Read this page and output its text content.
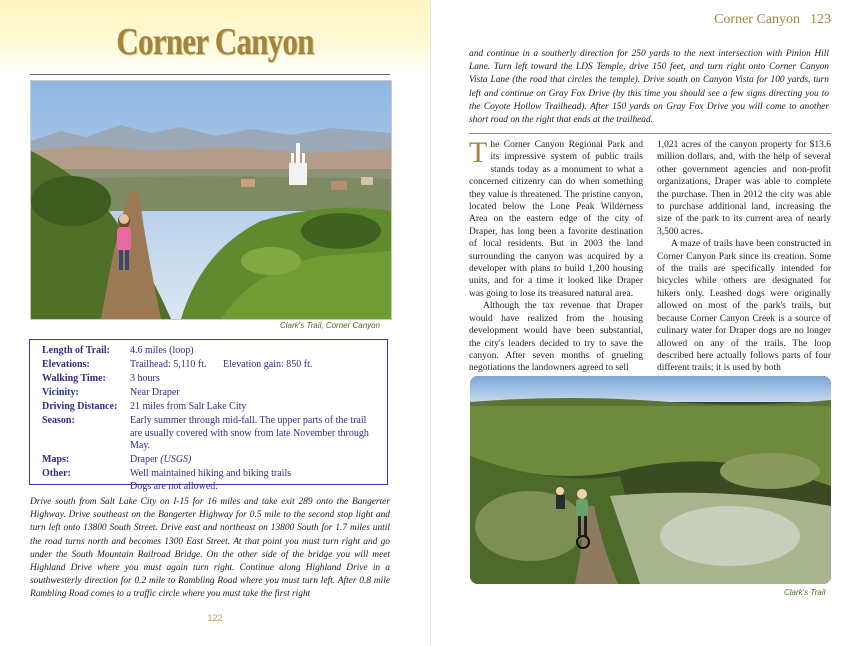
Corner Canyon
Clark's Trail, Corner Canyon
Length of Trail:	4.6 miles (loop)
Elevations:	Trailhead: 5,110 ft. Elevation gain: 850 ft.
Walking Time:	3 hours
Vicinity:	Near Draper
Driving Distance:	21 miles from Salt Lake City
Season:	Early summer through mid-fall. The upper parts of the trail are usually covered with snow from late November through May.
Maps:	Draper (USGS)
Other:	Well maintained hiking and biking trails
Dogs are not allowed.
Drive south from Salt Lake City on I-15 for 16 miles and take exit 289 onto the Bangerter Highway. Drive southeast on the Bangerter Highway for 0.5 mile to the second stop light and turn left onto 13800 South Street. Drive east and northeast on 13800 South for 1.7 miles until the road turns north and becomes 1300 East Street. At that point you must turn right and go under the South Mountain Railroad Bridge. On the other side of the bridge you will meet Highland Drive where you must again turn right. Continue along Highland Drive in a southwesterly direction for 0.2 mile to Rambling Road where you must turn left. After 0.8 mile Rambling Road comes to a traffic circle where you must take the first right
122
Corner Canyon 123
and continue in a southerly direction for 250 yards to the next intersection with Pinion Hill Lane. Turn left toward the LDS Temple, drive 150 feet, and turn right onto Corner Canyon Vista Lane (the road that circles the temple). Drive south on Canyon Vista for 100 yards, turn left and continue on Gray Fox Drive (by this time you should see a few signs directing you to the Coyote Hollow Trailhead). After 150 yards on Gray Fox Drive you will come to another short road on the right that ends at the trailhead.

The Corner Canyon Regional Park and its impressive system of public trails stands today as a monument to what a concerned citizenry can do when something they value is threatened. The pristine canyon, located below the Lone Peak Wilderness Area on the eastern edge of the city of Draper, has long been a favorite destination of local residents. But in 2003 the land surrounding the canyon was acquired by a developer with plans to build 1,200 housing units, and for a time it looked like Draper was going to lose its treasured natural area.

Although the tax revenue that Draper would have realized from the housing development would have been substantial, the city's leaders decided to try to save the canyon. After seven months of grueling negotiations the landowners agreed to sell

1,021 acres of the canyon property for $13.6 million dollars, and, with the help of several other government agencies and non-profit organizations, Draper was able to complete the purchase. Then in 2012 the city was able to purchase additional land, increasing the size of the park to its current area of nearly 3,500 acres.

A maze of trails have been constructed in Corner Canyon Park since its creation. Some of the trails are specifically intended for bicycles while others are designated for hikers only. Leashed dogs were originally allowed on most of the park's trails, but because Corner Canyon Creek is a source of culinary water for Draper dogs are no longer allowed on any of the trails. The loop described here actually follows parts of four different trails; it is used by both

Clark's Trail
